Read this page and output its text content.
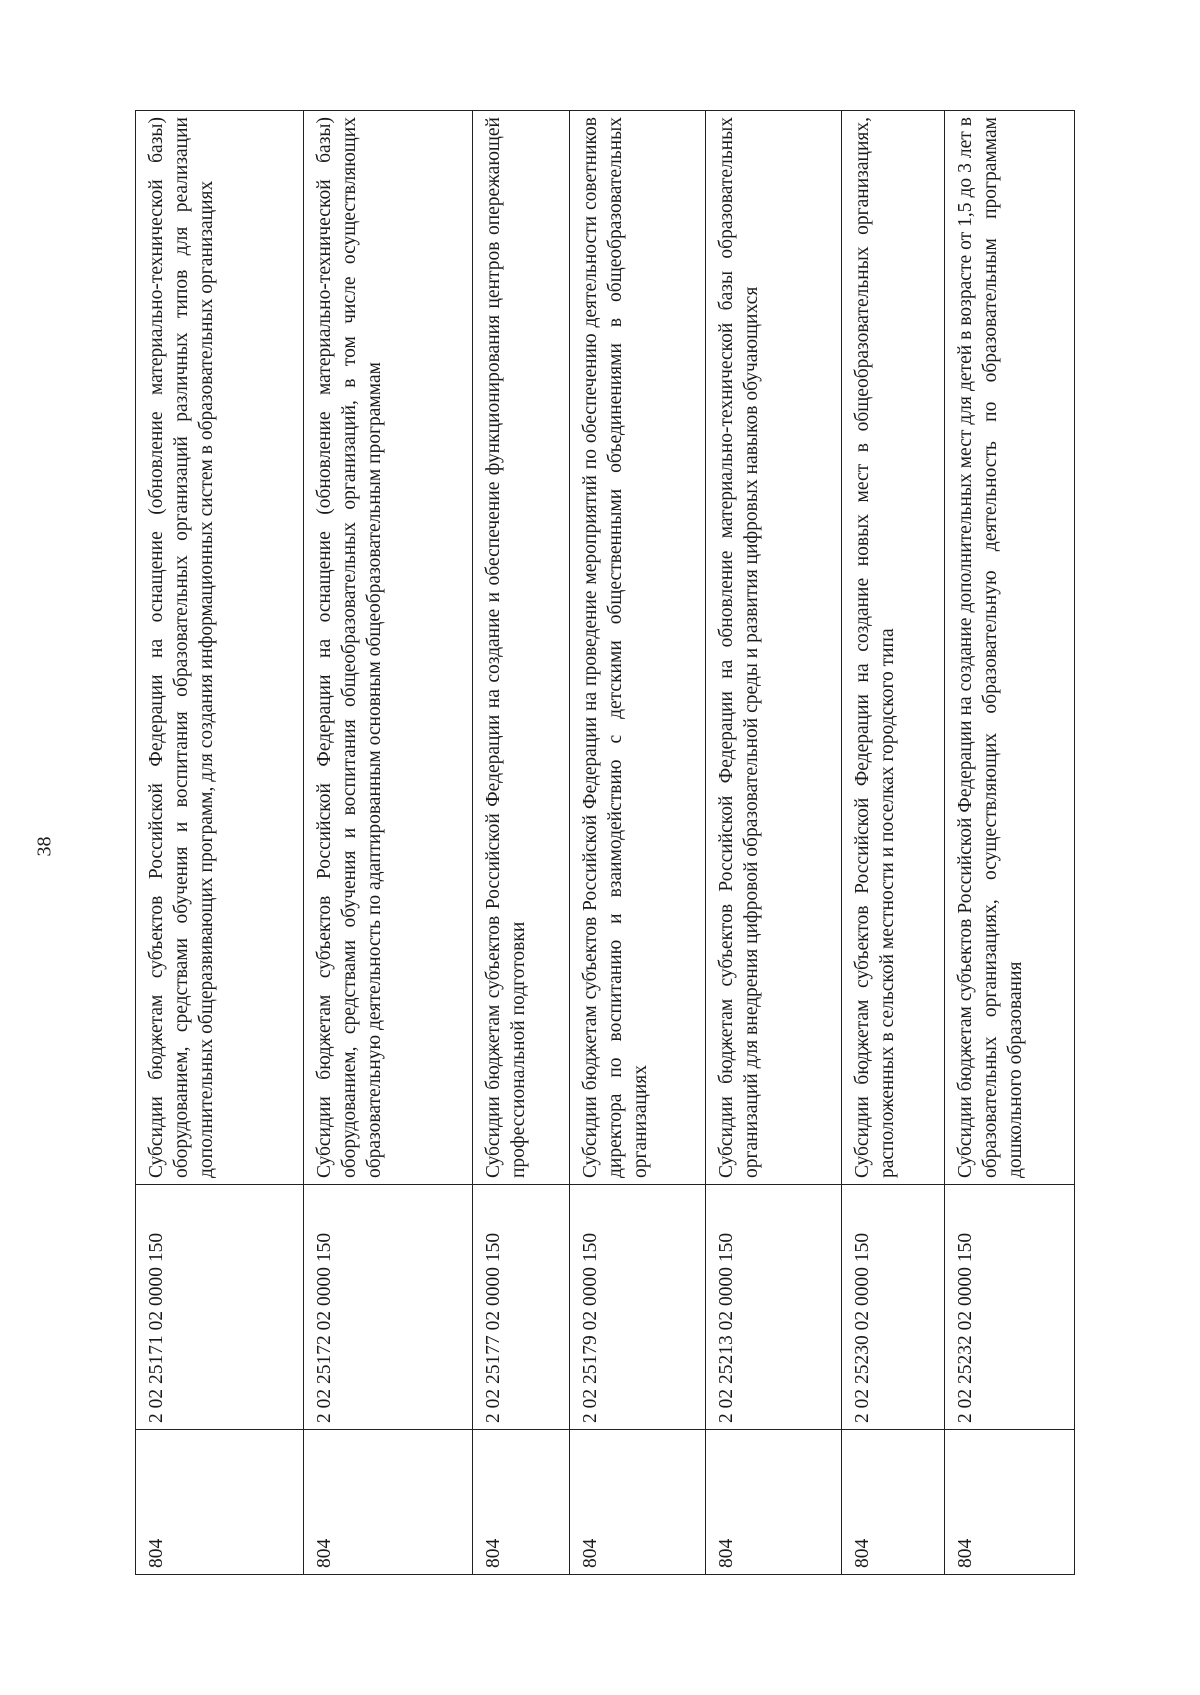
38
804	2 02 25171 02 0000 150	Субсидии бюджетам субъектов Российской Федерации на оснащение (обновление материально-технической базы) оборудованием, средствами обучения и воспитания образовательных организаций различных типов для реализации дополнительных общеразвивающих программ, для создания информационных систем в образовательных организациях
804	2 02 25172 02 0000 150	Субсидии бюджетам субъектов Российской Федерации на оснащение (обновление материально-технической базы) оборудованием, средствами обучения и воспитания общеобразовательных организаций, в том числе осуществляющих образовательную деятельность по адаптированным основным общеобразовательным программам
804	2 02 25177 02 0000 150	Субсидии бюджетам субъектов Российской Федерации на создание и обеспечение функционирования центров опережающей профессиональной подготовки
804	2 02 25179 02 0000 150	Субсидии бюджетам субъектов Российской Федерации на проведение мероприятий по обеспечению деятельности советников директора по воспитанию и взаимодействию с детскими общественными объединениями в общеобразовательных организациях
804	2 02 25213 02 0000 150	Субсидии бюджетам субъектов Российской Федерации на обновление материально-технической базы образовательных организаций для внедрения цифровой образовательной среды и развития цифровых навыков обучающихся
804	2 02 25230 02 0000 150	Субсидии бюджетам субъектов Российской Федерации на создание новых мест в общеобразовательных организациях, расположенных в сельской местности и поселках городского типа
804	2 02 25232 02 0000 150	Субсидии бюджетам субъектов Российской Федерации на создание дополнительных мест для детей в возрасте от 1,5 до 3 лет в образовательных организациях, осуществляющих образовательную деятельность по образовательным программам дошкольного образования
